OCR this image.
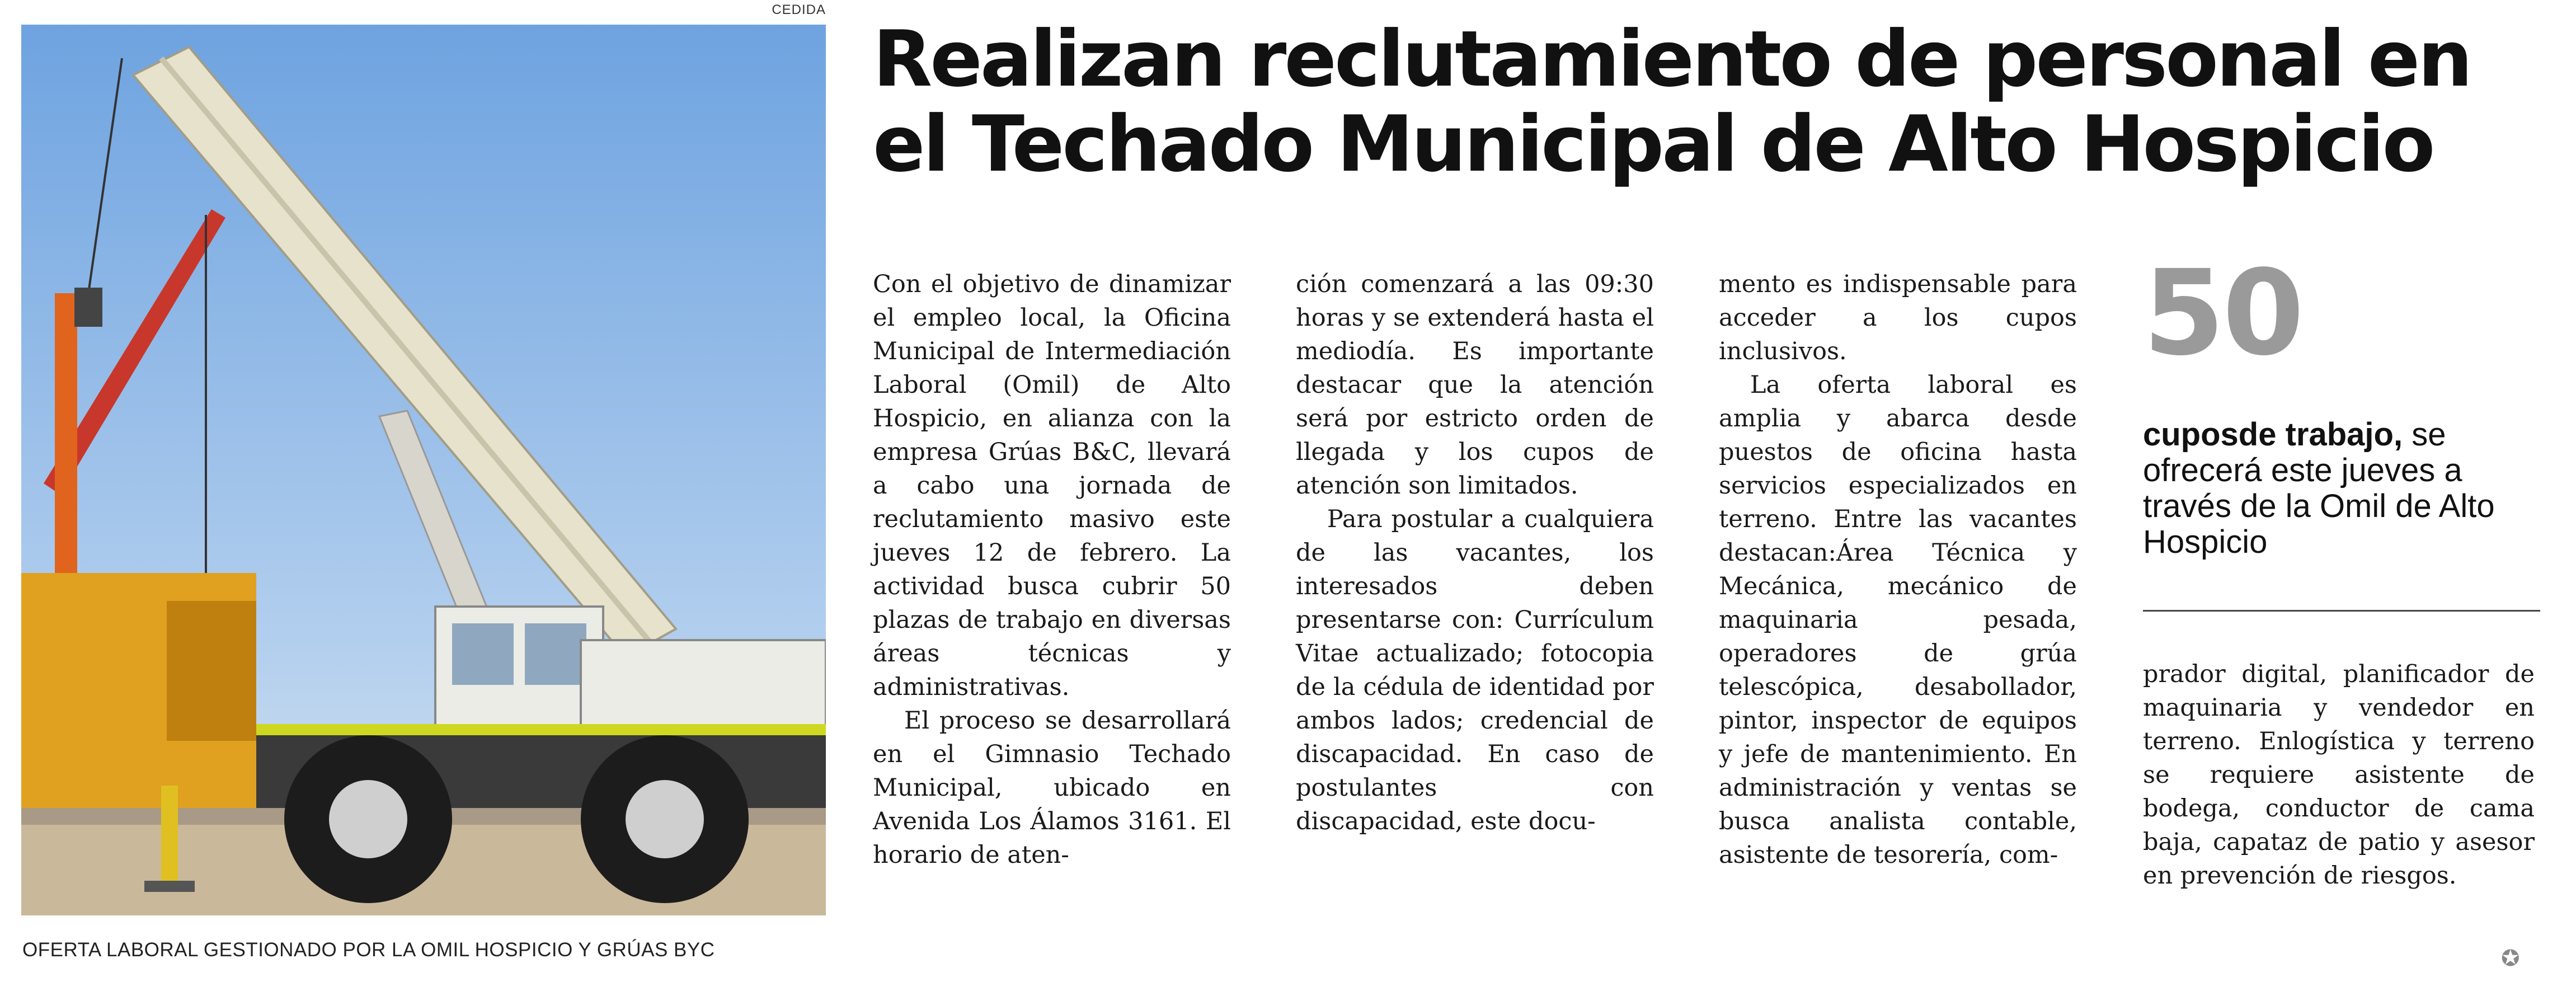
CEDIDA
OFERTA LABORAL GESTIONADO POR LA OMIL HOSPICIO Y GRÚAS BYC
Realizan reclutamiento de personal en el Techado Municipal de Alto Hospicio

Con el objetivo de dinamizar el empleo local, la Oficina Municipal de Intermediación Laboral (Omil) de Alto Hospicio, en alianza con la empresa Grúas B&C, llevará a cabo una jornada de reclutamiento masivo este jueves 12 de febrero. La actividad busca cubrir 50 plazas de trabajo en diversas áreas técnicas y administrativas.

El proceso se desarrollará en el Gimnasio Techado Municipal, ubicado en Avenida Los Álamos 3161. El horario de aten-

ción comenzará a las 09:30 horas y se extenderá hasta el mediodía. Es importante destacar que la atención será por estricto orden de llegada y los cupos de atención son limitados.

Para postular a cualquiera de las vacantes, los interesados deben presentarse con: Currículum Vitae actualizado; fotocopia de la cédula de identidad por ambos lados; credencial de discapacidad. En caso de postulantes con discapacidad, este docu-

mento es indispensable para acceder a los cupos inclusivos.

La oferta laboral es amplia y abarca desde puestos de oficina hasta servicios especializados en terreno. Entre las vacantes destacan:Área Técnica y Mecánica, mecánico de maquinaria pesada, operadores de grúa telescópica, desabollador, pintor, inspector de equipos y jefe de mantenimiento. En administración y ventas se busca analista contable, asistente de tesorería, com-

50

cuposde trabajo, se ofrecerá este jueves a través de la Omil de Alto Hospicio

prador digital, planificador de maquinaria y vendedor en terreno. Enlogística y terreno se requiere asistente de bodega, conductor de cama baja, capataz de patio y asesor en prevención de riesgos.

✪
